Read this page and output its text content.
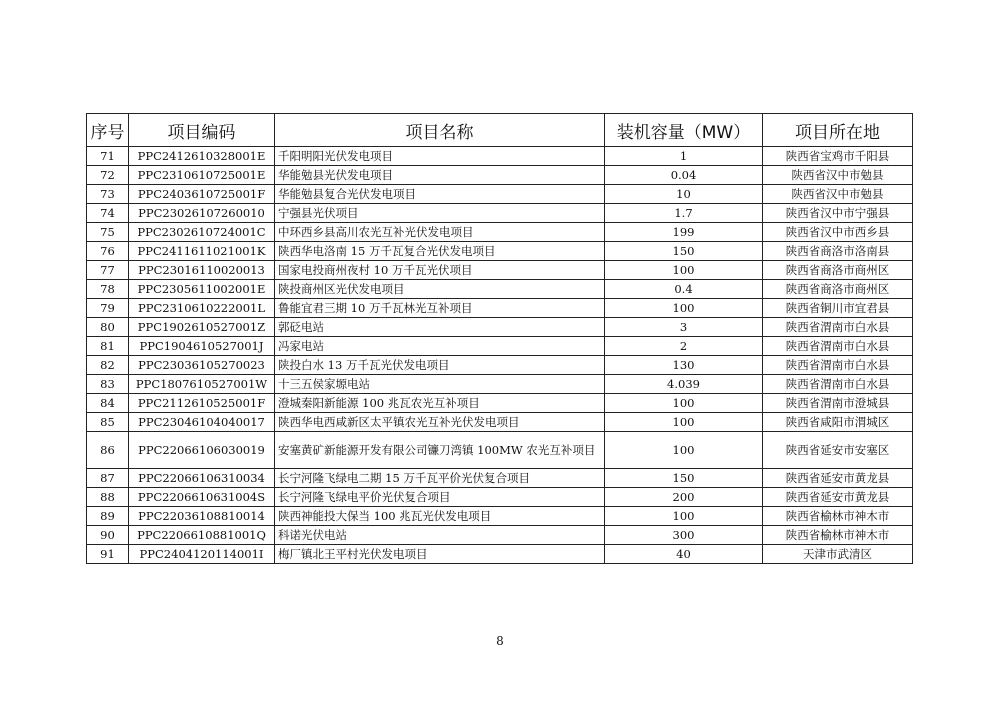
序号	项目编码	项目名称	装机容量（MW）	项目所在地
71	PPC2412610328001E	千阳明阳光伏发电项目	1	陕西省宝鸡市千阳县
72	PPC2310610725001E	华能勉县光伏发电项目	0.04	陕西省汉中市勉县
73	PPC2403610725001F	华能勉县复合光伏发电项目	10	陕西省汉中市勉县
74	PPC23026107260010	宁强县光伏项目	1.7	陕西省汉中市宁强县
75	PPC2302610724001C	中环西乡县高川农光互补光伏发电项目	199	陕西省汉中市西乡县
76	PPC2411611021001K	陕西华电洛南 15 万千瓦复合光伏发电项目	150	陕西省商洛市洛南县
77	PPC23016110020013	国家电投商州夜村 10 万千瓦光伏项目	100	陕西省商洛市商州区
78	PPC2305611002001E	陕投商州区光伏发电项目	0.4	陕西省商洛市商州区
79	PPC2310610222001L	鲁能宜君三期 10 万千瓦林光互补项目	100	陕西省铜川市宜君县
80	PPC1902610527001Z	郭砭电站	3	陕西省渭南市白水县
81	PPC1904610527001J	冯家电站	2	陕西省渭南市白水县
82	PPC23036105270023	陕投白水 13 万千瓦光伏发电项目	130	陕西省渭南市白水县
83	PPC1807610527001W	十三五侯家塬电站	4.039	陕西省渭南市白水县
84	PPC2112610525001F	澄城秦阳新能源 100 兆瓦农光互补项目	100	陕西省渭南市澄城县
85	PPC23046104040017	陕西华电西咸新区太平镇农光互补光伏发电项目	100	陕西省咸阳市渭城区
86	PPC22066106030019	安塞黄矿新能源开发有限公司镰刀湾镇 100MW 农光互补项目	100	陕西省延安市安塞区
87	PPC22066106310034	长宁河隆飞绿电二期 15 万千瓦平价光伏复合项目	150	陕西省延安市黄龙县
88	PPC2206610631004S	长宁河隆飞绿电平价光伏复合项目	200	陕西省延安市黄龙县
89	PPC22036108810014	陕西神能投大保当 100 兆瓦光伏发电项目	100	陕西省榆林市神木市
90	PPC2206610881001Q	科诺光伏电站	300	陕西省榆林市神木市
91	PPC2404120114001I	梅厂镇北王平村光伏发电项目	40	天津市武清区
8
